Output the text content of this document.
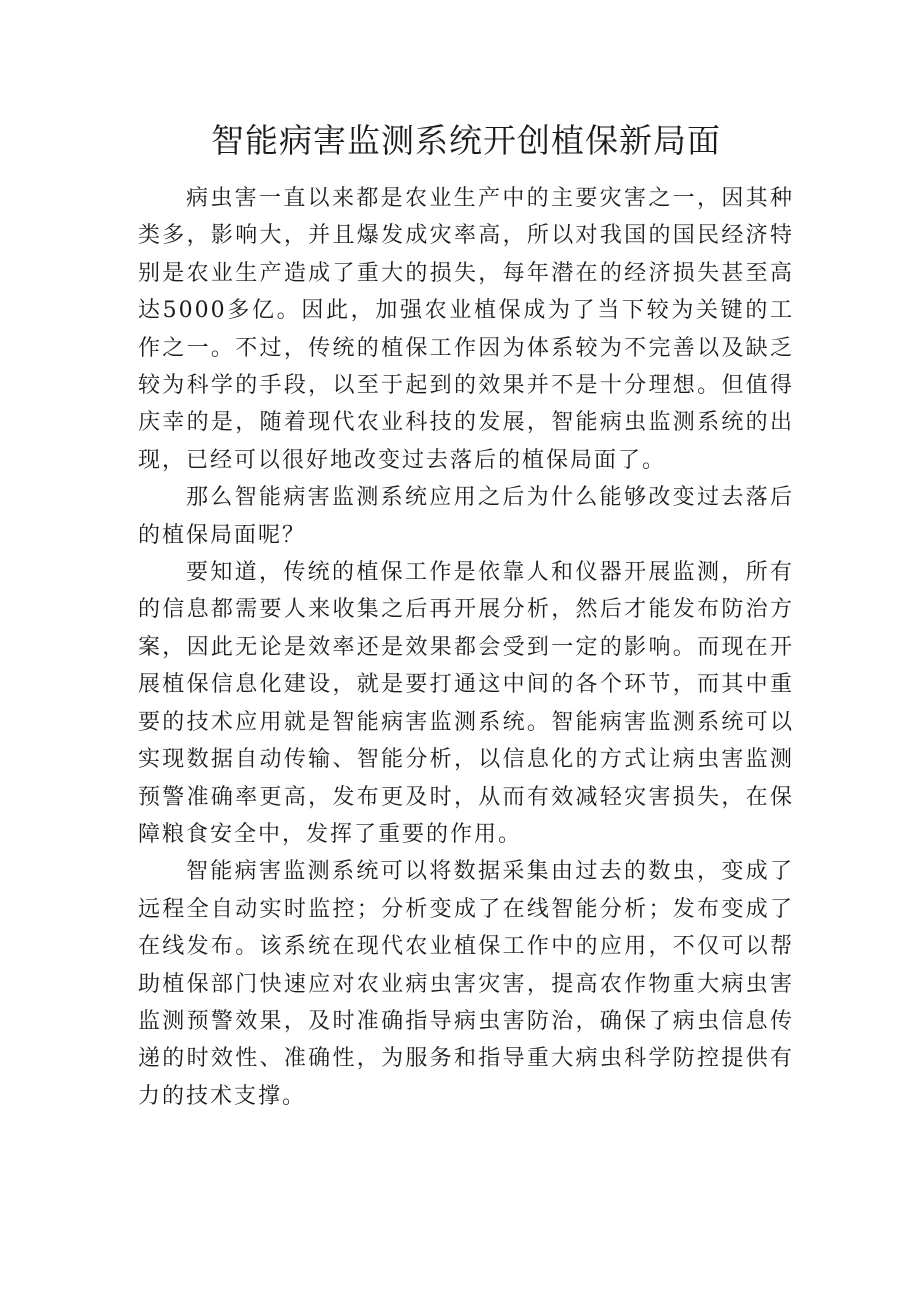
智能病害监测系统开创植保新局面

病虫害一直以来都是农业生产中的主要灾害之一，因其种类多，影响大，并且爆发成灾率高，所以对我国的国民经济特别是农业生产造成了重大的损失，每年潜在的经济损失甚至高达5000多亿。因此，加强农业植保成为了当下较为关键的工作之一。不过，传统的植保工作因为体系较为不完善以及缺乏较为科学的手段，以至于起到的效果并不是十分理想。但值得庆幸的是，随着现代农业科技的发展，智能病虫监测系统的出现，已经可以很好地改变过去落后的植保局面了。

那么智能病害监测系统应用之后为什么能够改变过去落后的植保局面呢？

要知道，传统的植保工作是依靠人和仪器开展监测，所有的信息都需要人来收集之后再开展分析，然后才能发布防治方案，因此无论是效率还是效果都会受到一定的影响。而现在开展植保信息化建设，就是要打通这中间的各个环节，而其中重要的技术应用就是智能病害监测系统。智能病害监测系统可以实现数据自动传输、智能分析，以信息化的方式让病虫害监测预警准确率更高，发布更及时，从而有效减轻灾害损失，在保障粮食安全中，发挥了重要的作用。

智能病害监测系统可以将数据采集由过去的数虫，变成了远程全自动实时监控；分析变成了在线智能分析；发布变成了在线发布。该系统在现代农业植保工作中的应用，不仅可以帮助植保部门快速应对农业病虫害灾害，提高农作物重大病虫害监测预警效果，及时准确指导病虫害防治，确保了病虫信息传递的时效性、准确性，为服务和指导重大病虫科学防控提供有力的技术支撑。
